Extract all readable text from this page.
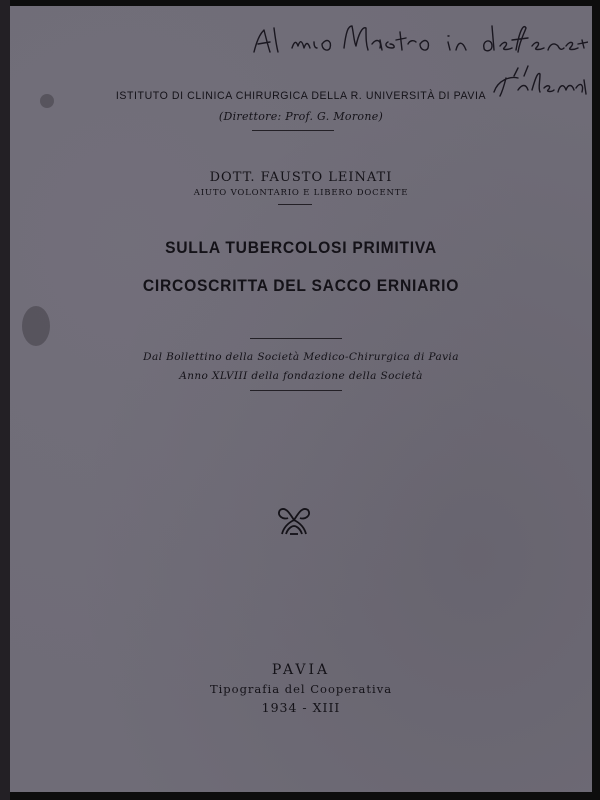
ISTITUTO DI CLINICA CHIRURGICA DELLA R. UNIVERSITÀ DI PAVIA
(Direttore: Prof. G. Morone)
DOTT. FAUSTO LEINATI
AIUTO VOLONTARIO E LIBERO DOCENTE
SULLA TUBERCOLOSI PRIMITIVA
CIRCOSCRITTA DEL SACCO ERNIARIO
Dal Bollettino della Società Medico-Chirurgica di Pavia
Anno XLVIII della fondazione della Società
PAVIA
Tipografia del Cooperativa
1934 - XIII
